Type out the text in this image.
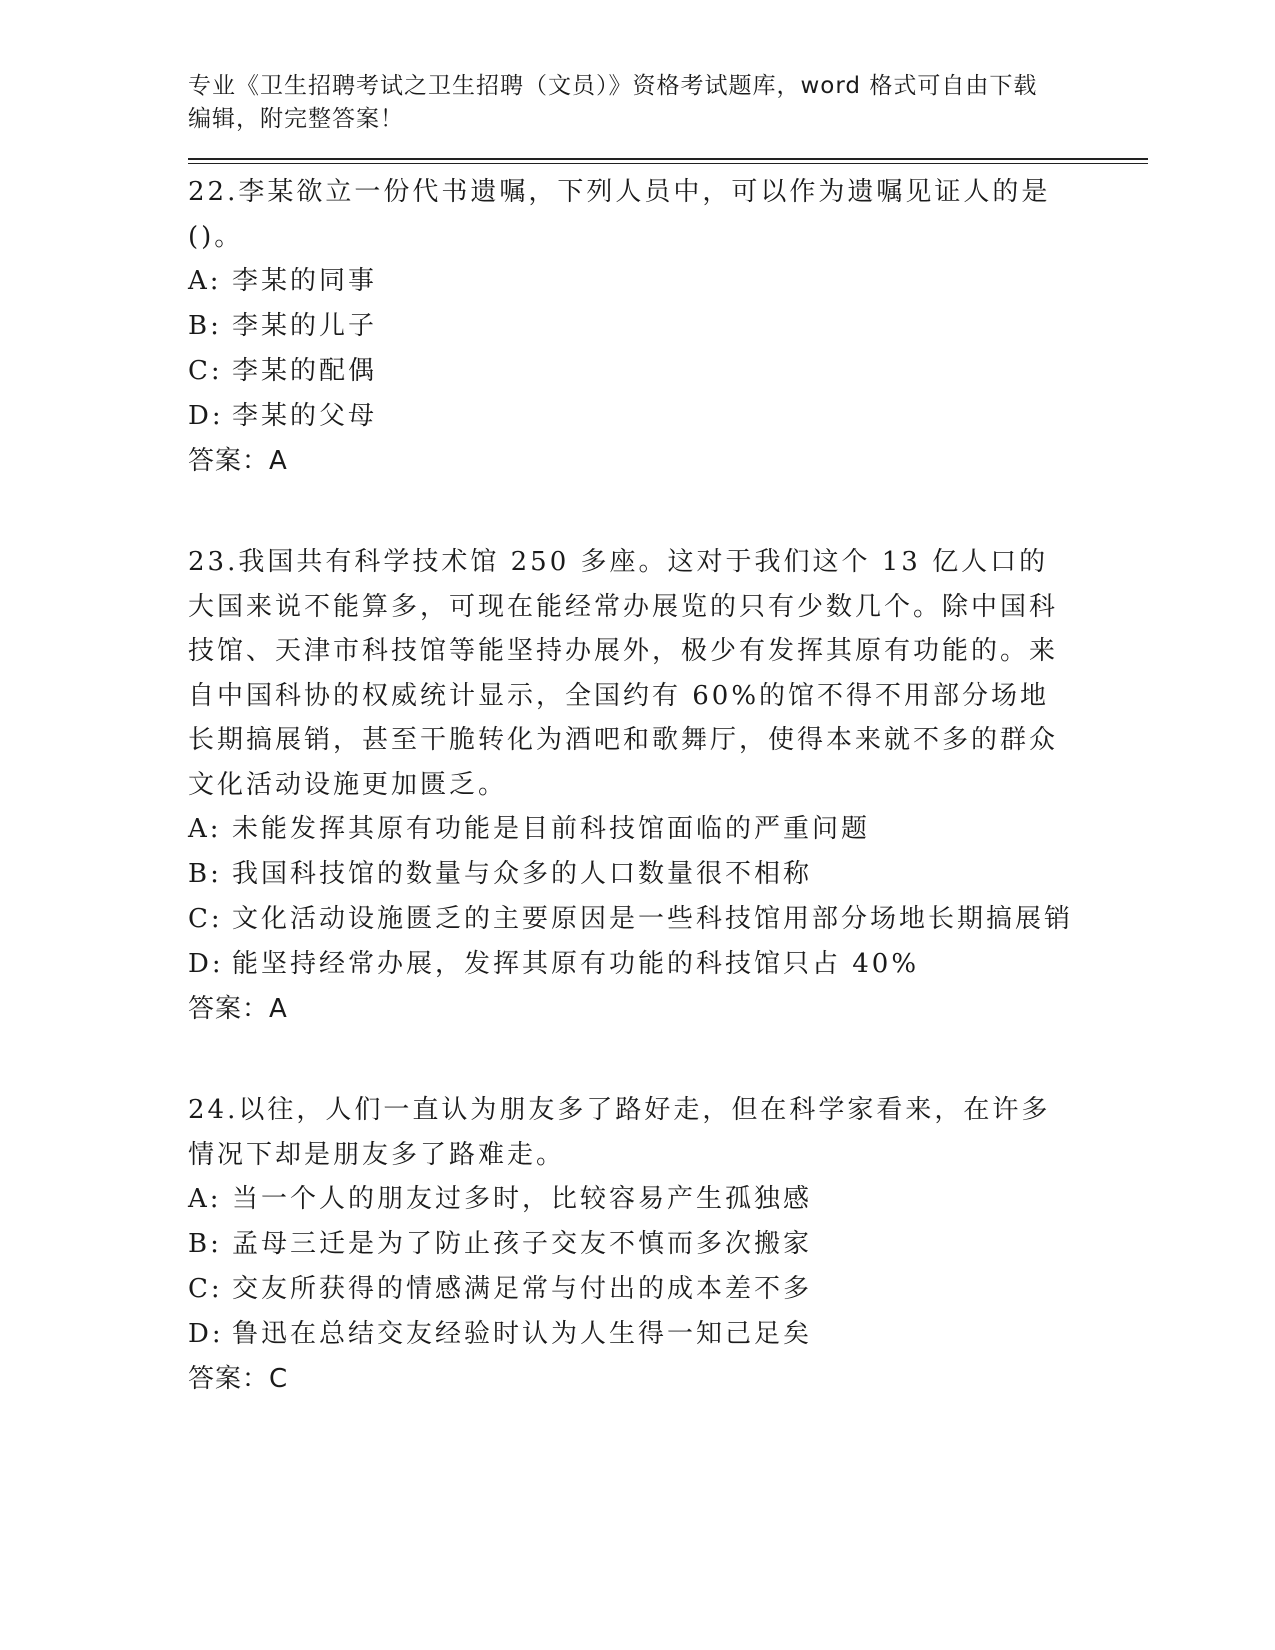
专业《卫生招聘考试之卫生招聘（文员）》资格考试题库，word 格式可自由下载
编辑，附完整答案！

22.李某欲立一份代书遗嘱，下列人员中，可以作为遗嘱见证人的是()。

A: 李某的同事

B: 李某的儿子

C: 李某的配偶

D: 李某的父母

答案：A

23.我国共有科学技术馆 250 多座。这对于我们这个 13 亿人口的大国来说不能算多，可现在能经常办展览的只有少数几个。除中国科技馆、天津市科技馆等能坚持办展外，极少有发挥其原有功能的。来自中国科协的权威统计显示，全国约有 60%的馆不得不用部分场地长期搞展销，甚至干脆转化为酒吧和歌舞厅，使得本来就不多的群众文化活动设施更加匮乏。

A: 未能发挥其原有功能是目前科技馆面临的严重问题

B: 我国科技馆的数量与众多的人口数量很不相称

C: 文化活动设施匮乏的主要原因是一些科技馆用部分场地长期搞展销

D: 能坚持经常办展，发挥其原有功能的科技馆只占 40%

答案：A

24.以往，人们一直认为朋友多了路好走，但在科学家看来，在许多情况下却是朋友多了路难走。

A: 当一个人的朋友过多时，比较容易产生孤独感

B: 孟母三迁是为了防止孩子交友不慎而多次搬家

C: 交友所获得的情感满足常与付出的成本差不多

D: 鲁迅在总结交友经验时认为人生得一知己足矣

答案：C
